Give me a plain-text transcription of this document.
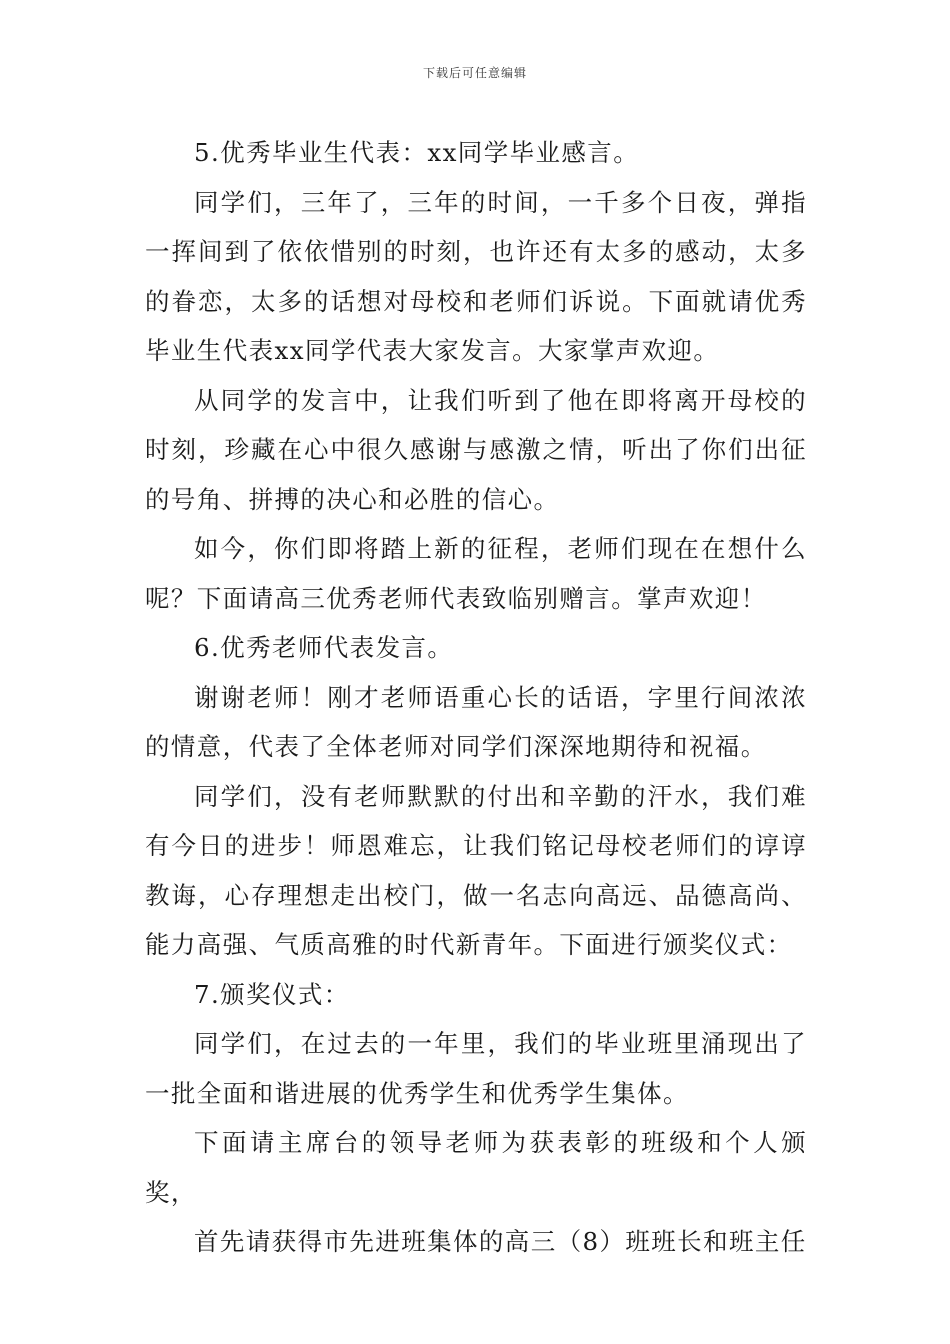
下载后可任意编辑

5.优秀毕业生代表：xx同学毕业感言。

同学们，三年了，三年的时间，一千多个日夜，弹指一挥间到了依依惜别的时刻，也许还有太多的感动，太多的眷恋，太多的话想对母校和老师们诉说。下面就请优秀毕业生代表xx同学代表大家发言。大家掌声欢迎。

从同学的发言中，让我们听到了他在即将离开母校的时刻，珍藏在心中很久感谢与感激之情，听出了你们出征的号角、拼搏的决心和必胜的信心。

如今，你们即将踏上新的征程，老师们现在在想什么呢？下面请高三优秀老师代表致临别赠言。掌声欢迎！

6.优秀老师代表发言。

谢谢老师！刚才老师语重心长的话语，字里行间浓浓的情意，代表了全体老师对同学们深深地期待和祝福。

同学们，没有老师默默的付出和辛勤的汗水，我们难有今日的进步！师恩难忘，让我们铭记母校老师们的谆谆教诲，心存理想走出校门，做一名志向高远、品德高尚、能力高强、气质高雅的时代新青年。下面进行颁奖仪式：

7.颁奖仪式：

同学们，在过去的一年里，我们的毕业班里涌现出了一批全面和谐进展的优秀学生和优秀学生集体。

下面请主席台的领导老师为获表彰的班级和个人颁奖，

首先请获得市先进班集体的高三（8）班班长和班主任
